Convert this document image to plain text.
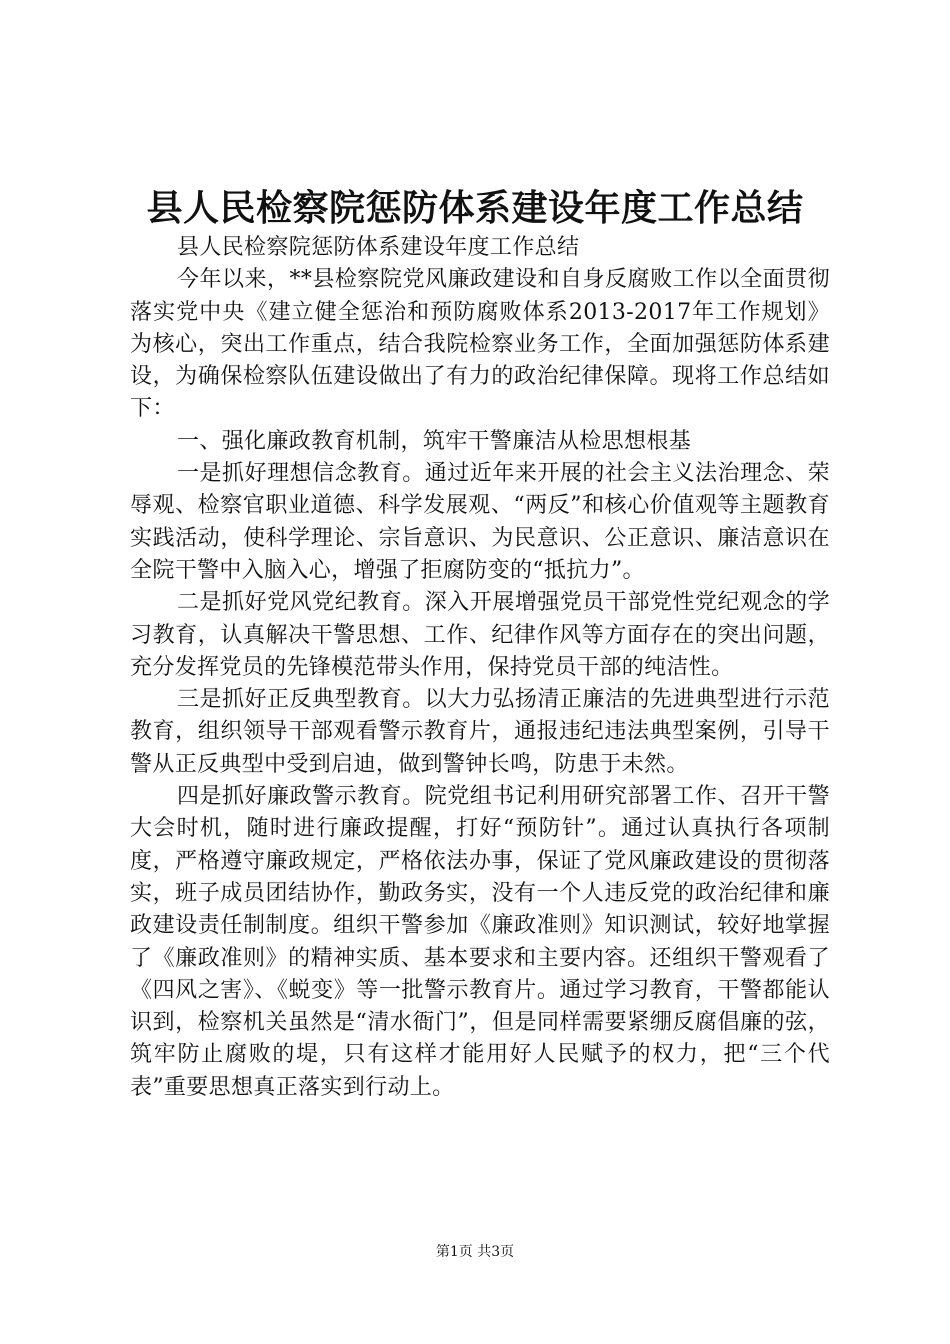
县人民检察院惩防体系建设年度工作总结

县人民检察院惩防体系建设年度工作总结

今年以来，**县检察院党风廉政建设和自身反腐败工作以全面贯彻落实党中央《建立健全惩治和预防腐败体系2013-2017年工作规划》为核心，突出工作重点，结合我院检察业务工作，全面加强惩防体系建设，为确保检察队伍建设做出了有力的政治纪律保障。现将工作总结如下：

一、强化廉政教育机制，筑牢干警廉洁从检思想根基

一是抓好理想信念教育。通过近年来开展的社会主义法治理念、荣辱观、检察官职业道德、科学发展观、“两反”和核心价值观等主题教育实践活动，使科学理论、宗旨意识、为民意识、公正意识、廉洁意识在全院干警中入脑入心，增强了拒腐防变的“抵抗力”。

二是抓好党风党纪教育。深入开展增强党员干部党性党纪观念的学习教育，认真解决干警思想、工作、纪律作风等方面存在的突出问题，充分发挥党员的先锋模范带头作用，保持党员干部的纯洁性。

三是抓好正反典型教育。以大力弘扬清正廉洁的先进典型进行示范教育，组织领导干部观看警示教育片，通报违纪违法典型案例，引导干警从正反典型中受到启迪，做到警钟长鸣，防患于未然。

四是抓好廉政警示教育。院党组书记利用研究部署工作、召开干警大会时机，随时进行廉政提醒，打好“预防针”。通过认真执行各项制度，严格遵守廉政规定，严格依法办事，保证了党风廉政建设的贯彻落实，班子成员团结协作，勤政务实，没有一个人违反党的政治纪律和廉政建设责任制制度。组织干警参加《廉政准则》知识测试，较好地掌握了《廉政准则》的精神实质、基本要求和主要内容。还组织干警观看了《四风之害》、《蜕变》等一批警示教育片。通过学习教育，干警都能认识到，检察机关虽然是“清水衙门”，但是同样需要紧绷反腐倡廉的弦，筑牢防止腐败的堤，只有这样才能用好人民赋予的权力，把“三个代表”重要思想真正落实到行动上。

第1页 共3页
